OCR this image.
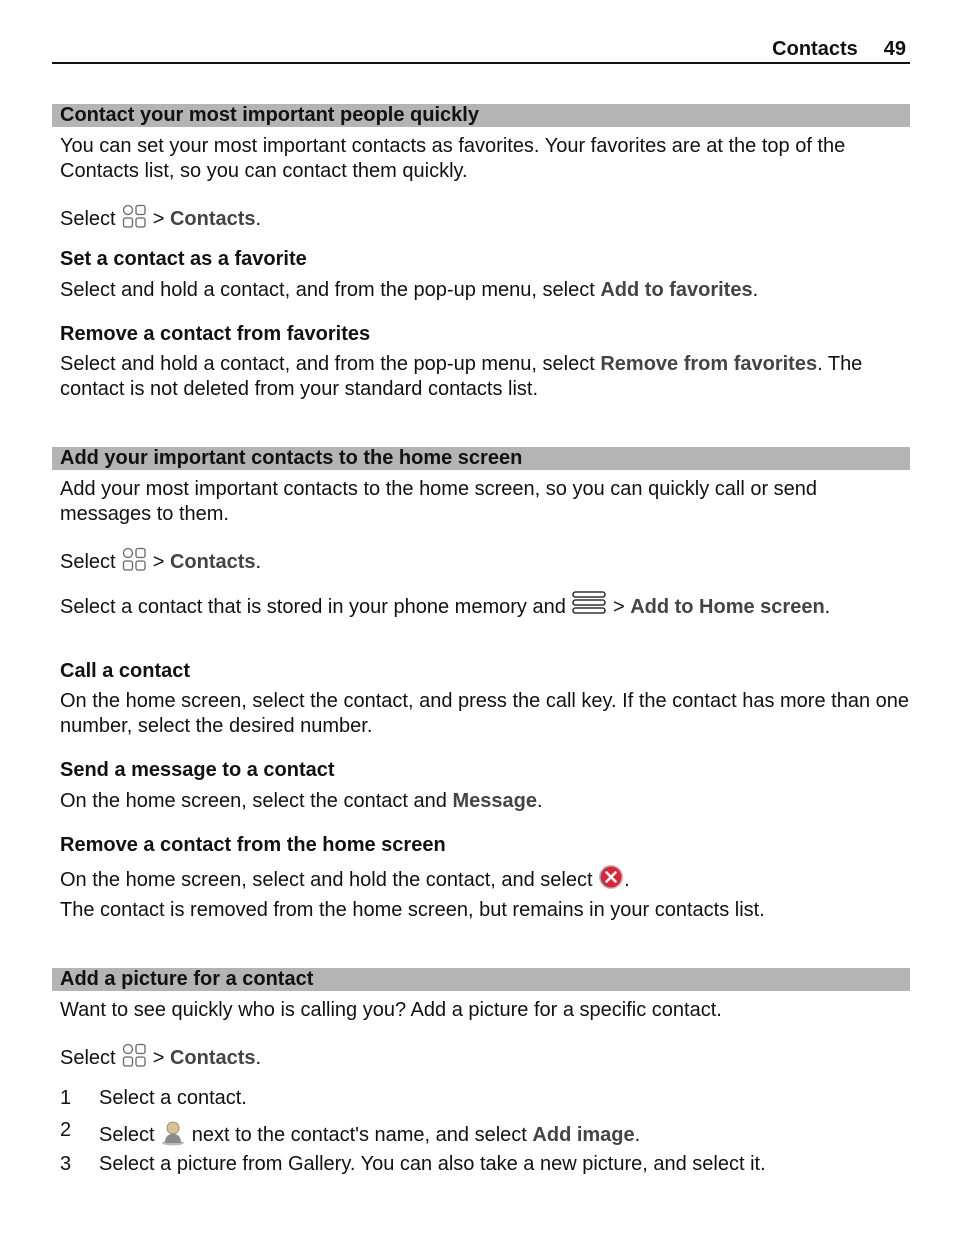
Contacts 49
Contact your most important people quickly

You can set your most important contacts as favorites. Your favorites are at the top of the Contacts list, so you can contact them quickly.

Select > Contacts.

Set a contact as a favorite

Select and hold a contact, and from the pop-up menu, select Add to favorites.

Remove a contact from favorites

Select and hold a contact, and from the pop-up menu, select Remove from favorites. The contact is not deleted from your standard contacts list.

Add your important contacts to the home screen

Add your most important contacts to the home screen, so you can quickly call or send messages to them.

Select > Contacts.

Select a contact that is stored in your phone memory and  > Add to Home screen.

Call a contact

On the home screen, select the contact, and press the call key. If the contact has more than one number, select the desired number.

Send a message to a contact

On the home screen, select the contact and Message.

Remove a contact from the home screen

On the home screen, select and hold the contact, and select .

The contact is removed from the home screen, but remains in your contacts list.

Add a picture for a contact

Want to see quickly who is calling you? Add a picture for a specific contact.

Select > Contacts.

1 Select a contact.
2 Select  next to the contact's name, and select Add image.
3 Select a picture from Gallery. You can also take a new picture, and select it.
